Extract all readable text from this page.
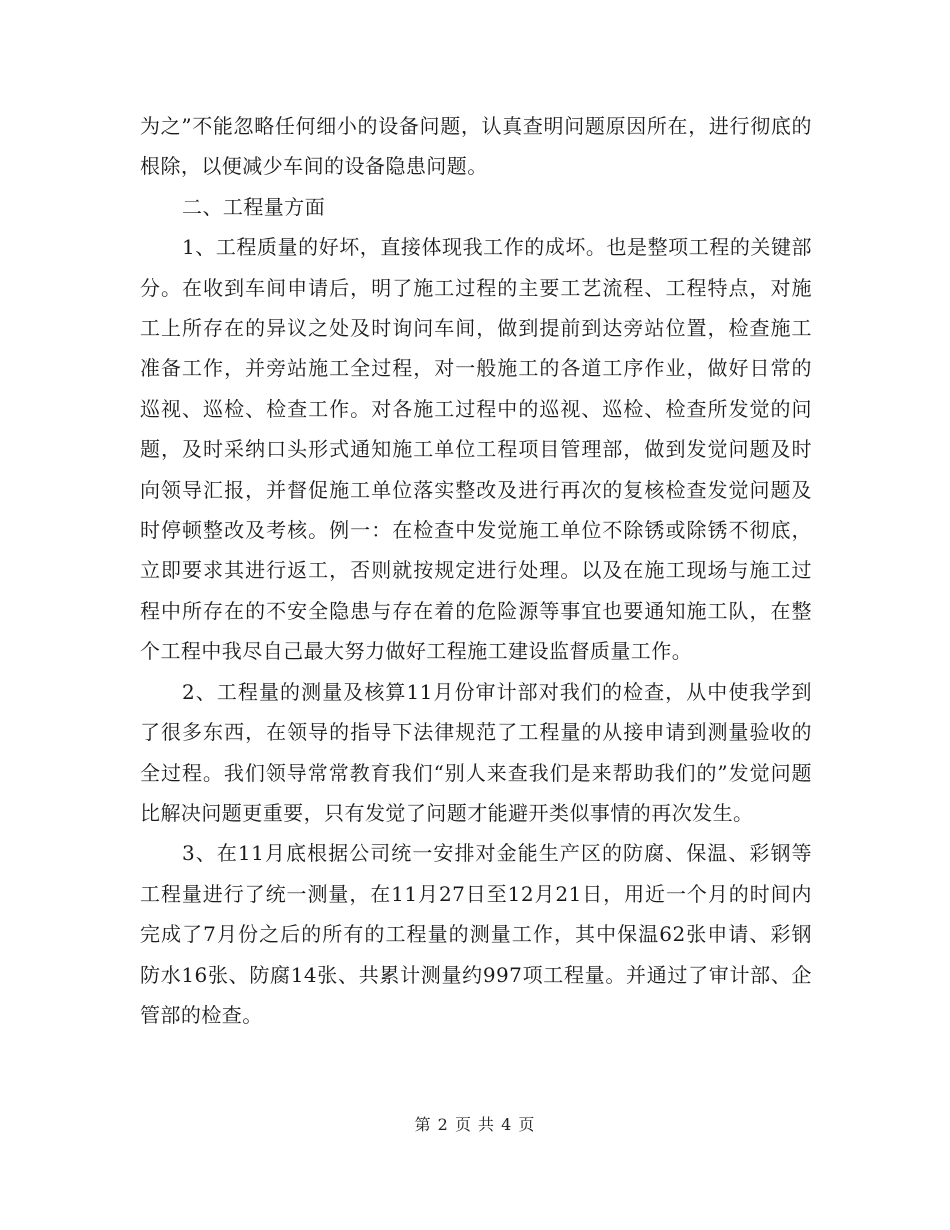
为之”不能忽略任何细小的设备问题，认真查明问题原因所在，进行彻底的根除，以便减少车间的设备隐患问题。

二、工程量方面

1、工程质量的好坏，直接体现我工作的成坏。也是整项工程的关键部分。在收到车间申请后，明了施工过程的主要工艺流程、工程特点，对施工上所存在的异议之处及时询问车间，做到提前到达旁站位置，检查施工准备工作，并旁站施工全过程，对一般施工的各道工序作业，做好日常的巡视、巡检、检查工作。对各施工过程中的巡视、巡检、检查所发觉的问题，及时采纳口头形式通知施工单位工程项目管理部，做到发觉问题及时向领导汇报，并督促施工单位落实整改及进行再次的复核检查发觉问题及时停顿整改及考核。例一：在检查中发觉施工单位不除锈或除锈不彻底，立即要求其进行返工，否则就按规定进行处理。以及在施工现场与施工过程中所存在的不安全隐患与存在着的危险源等事宜也要通知施工队，在整个工程中我尽自己最大努力做好工程施工建设监督质量工作。

2、工程量的测量及核算11月份审计部对我们的检查，从中使我学到了很多东西，在领导的指导下法律规范了工程量的从接申请到测量验收的全过程。我们领导常常教育我们“别人来查我们是来帮助我们的”发觉问题比解决问题更重要，只有发觉了问题才能避开类似事情的再次发生。

3、在11月底根据公司统一安排对金能生产区的防腐、保温、彩钢等工程量进行了统一测量，在11月27日至12月21日，用近一个月的时间内 完成了7月份之后的所有的工程量的测量工作，其中保温62张申请、彩钢防水16张、防腐14张、共累计测量约997项工程量。并通过了审计部、企管部的检查。

第 2 页 共 4 页
